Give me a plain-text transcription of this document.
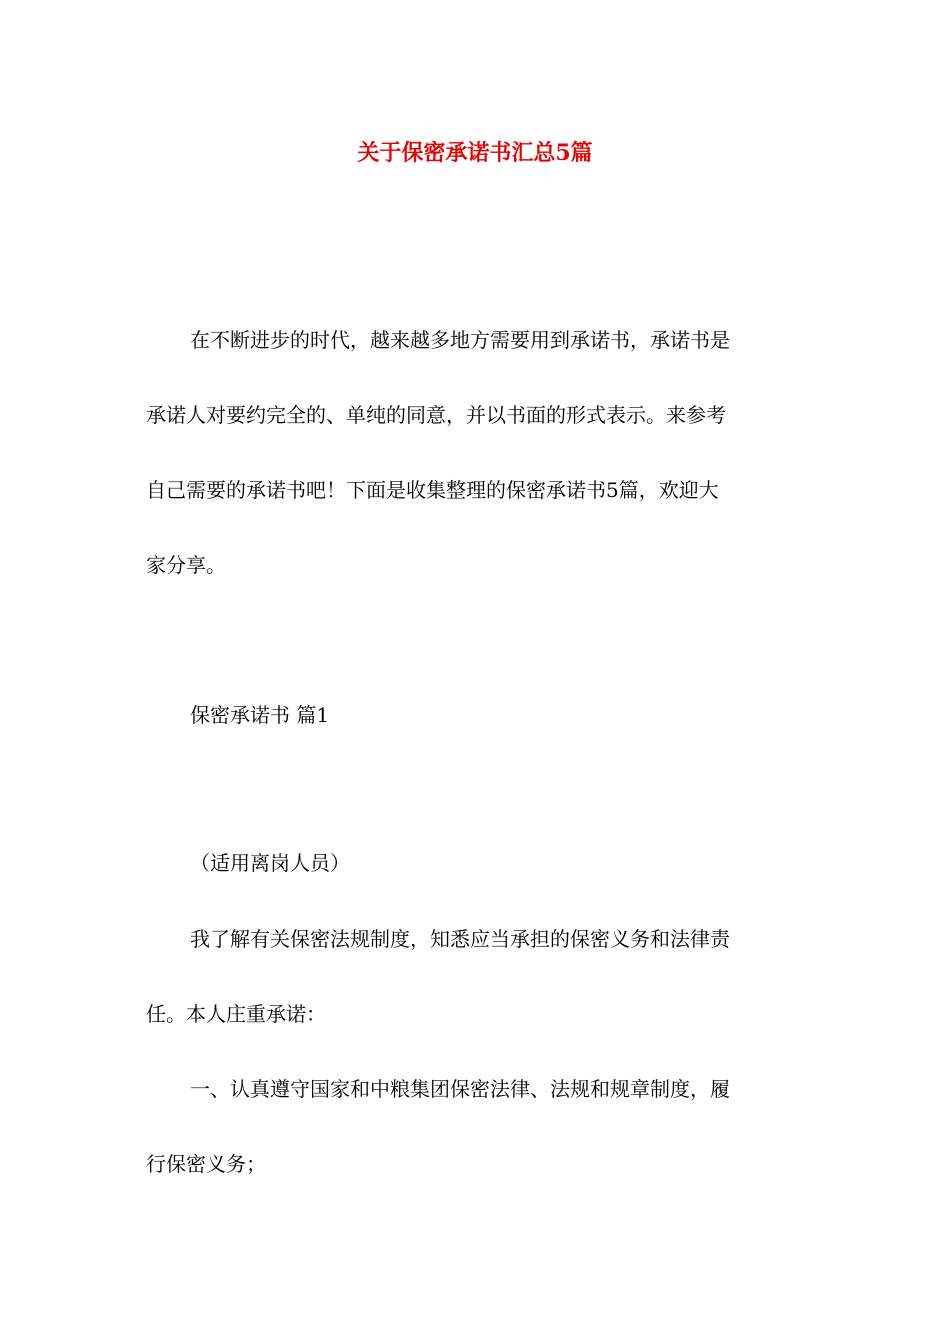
关于保密承诺书汇总5篇

在不断进步的时代，越来越多地方需要用到承诺书，承诺书是

承诺人对要约完全的、单纯的同意，并以书面的形式表示。来参考

自己需要的承诺书吧！下面是收集整理的保密承诺书5篇，欢迎大

家分享。

保密承诺书 篇1

（适用离岗人员）

我了解有关保密法规制度，知悉应当承担的保密义务和法律责

任。本人庄重承诺：

一、认真遵守国家和中粮集团保密法律、法规和规章制度，履

行保密义务；
